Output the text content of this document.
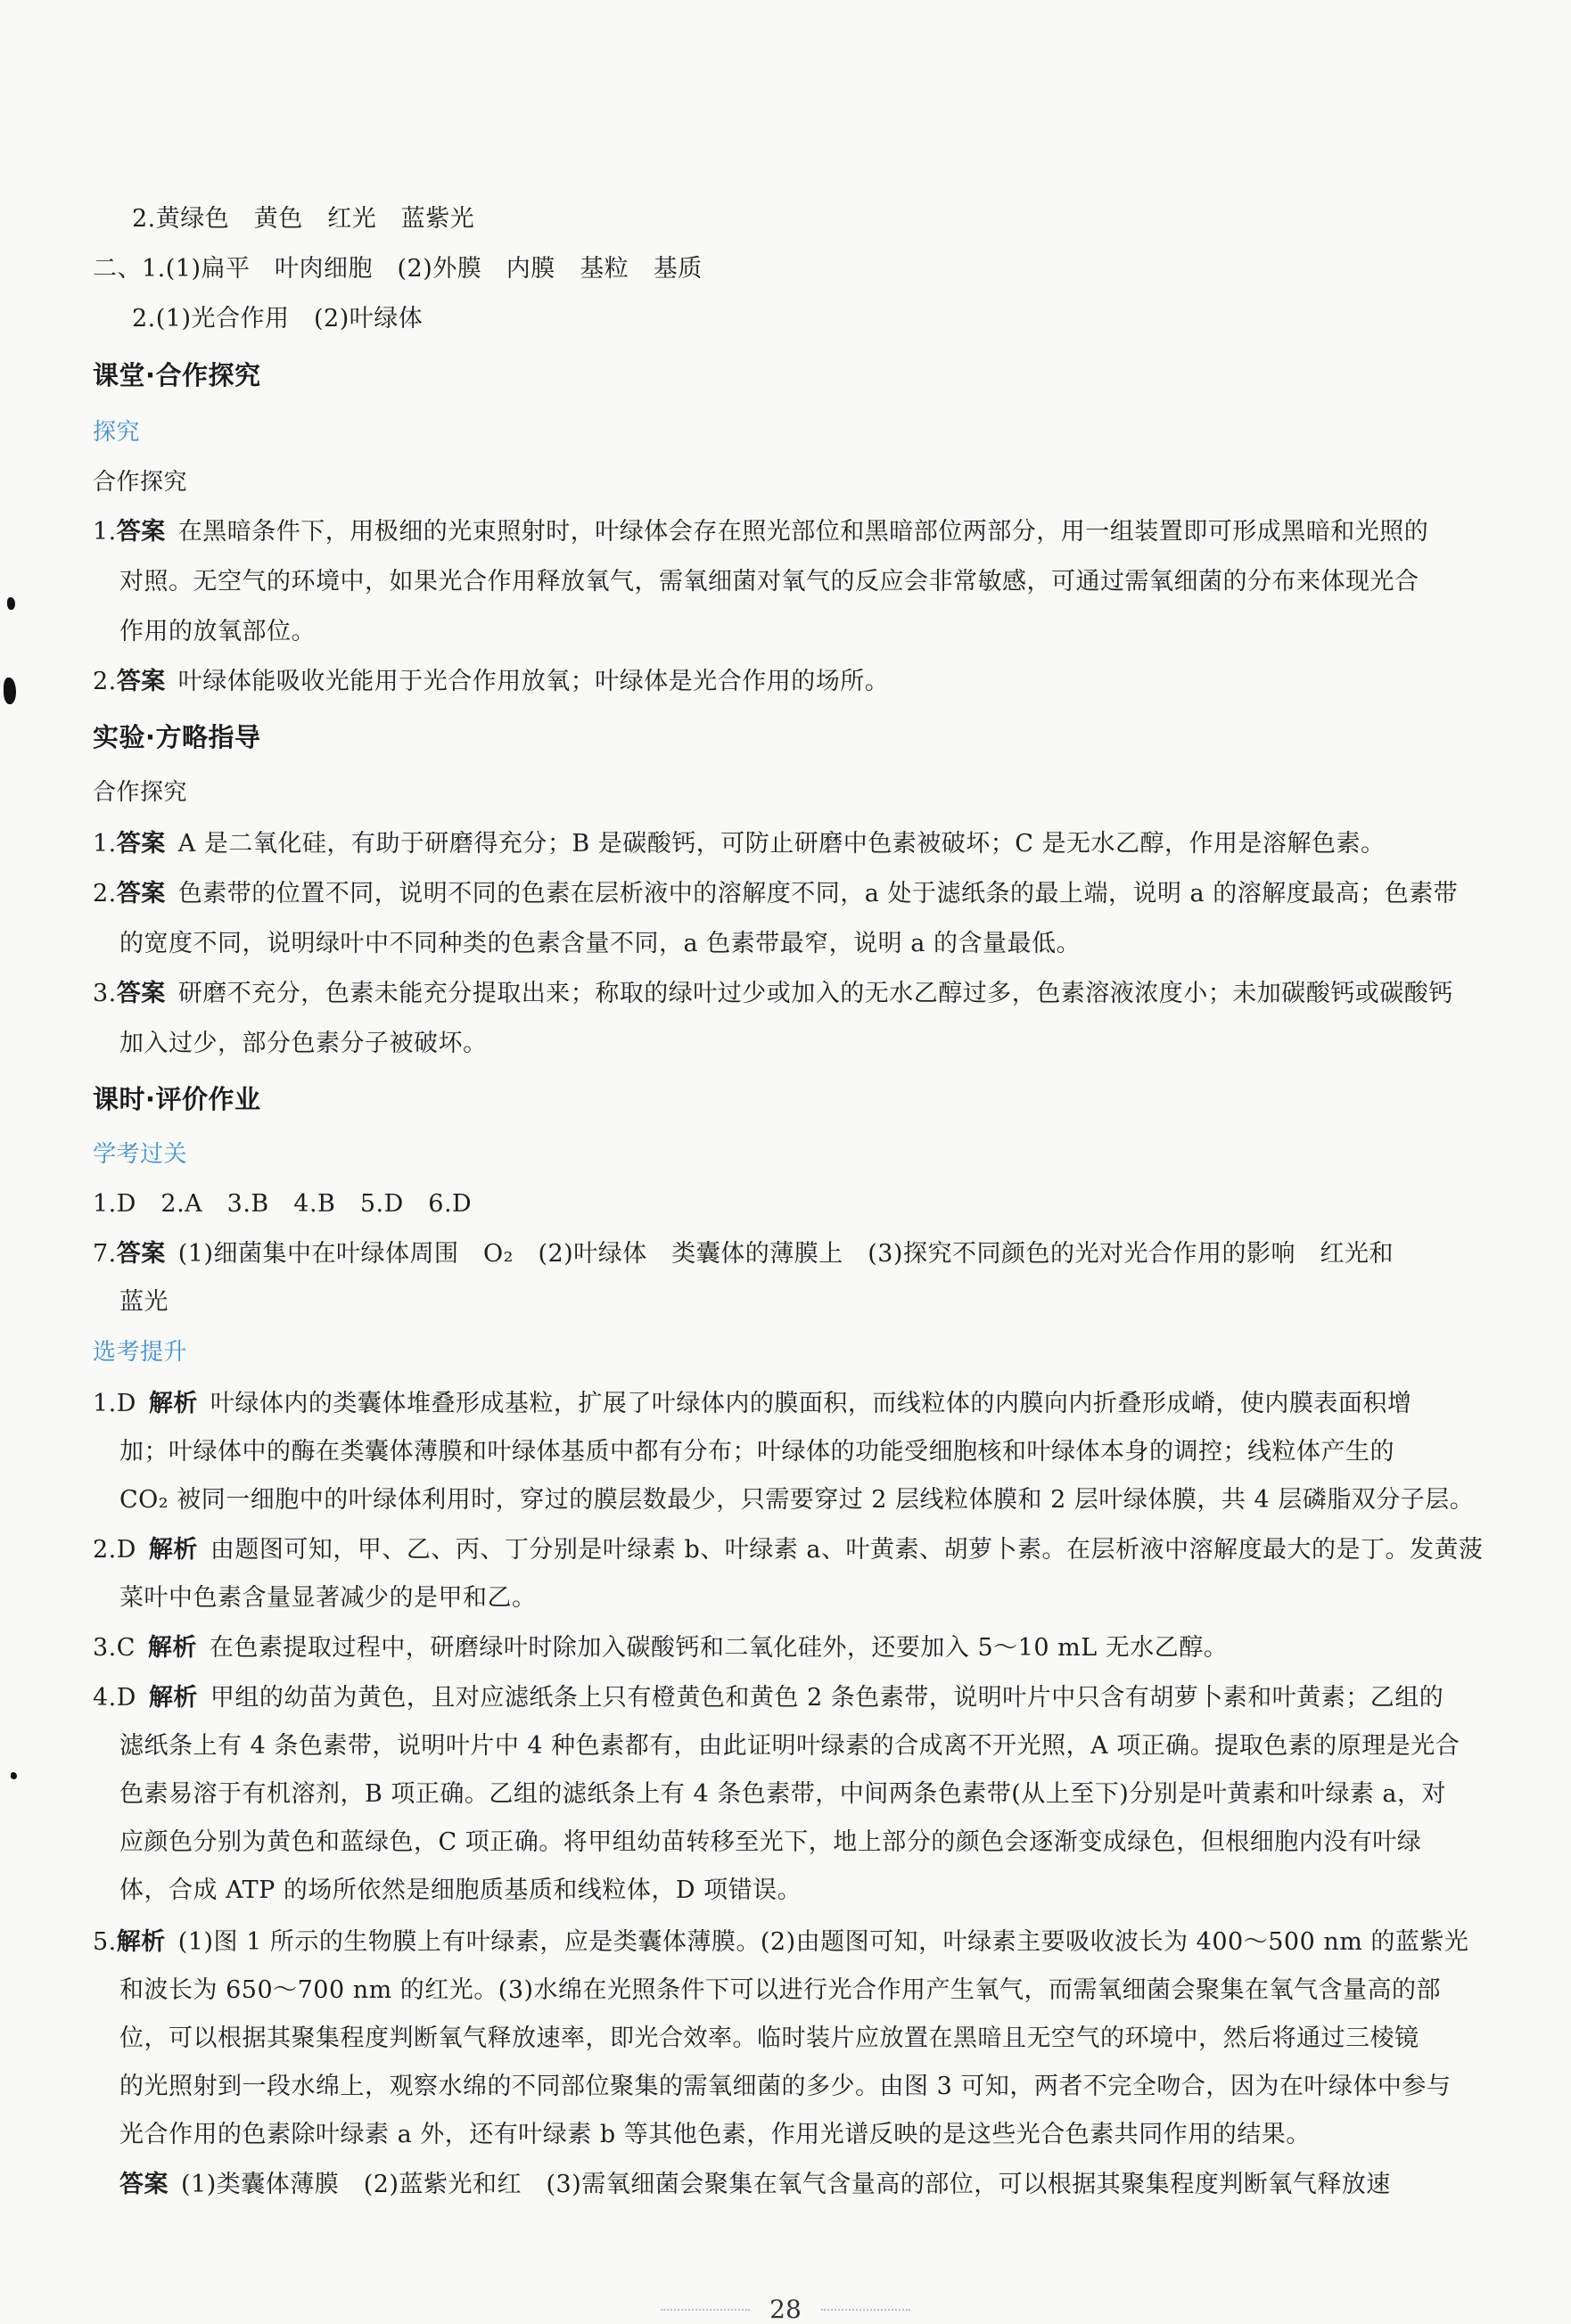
2.黄绿色　黄色　红光　蓝紫光
二、1.(1)扁平　叶肉细胞　(2)外膜　内膜　基粒　基质
2.(1)光合作用　(2)叶绿体
课堂·合作探究
探究
合作探究
1.答案 在黑暗条件下，用极细的光束照射时，叶绿体会存在照光部位和黑暗部位两部分，用一组装置即可形成黑暗和光照的
对照。无空气的环境中，如果光合作用释放氧气，需氧细菌对氧气的反应会非常敏感，可通过需氧细菌的分布来体现光合
作用的放氧部位。
2.答案 叶绿体能吸收光能用于光合作用放氧；叶绿体是光合作用的场所。
实验·方略指导
合作探究
1.答案 A 是二氧化硅，有助于研磨得充分；B 是碳酸钙，可防止研磨中色素被破坏；C 是无水乙醇，作用是溶解色素。
2.答案 色素带的位置不同，说明不同的色素在层析液中的溶解度不同，a 处于滤纸条的最上端，说明 a 的溶解度最高；色素带
的宽度不同，说明绿叶中不同种类的色素含量不同，a 色素带最窄，说明 a 的含量最低。
3.答案 研磨不充分，色素未能充分提取出来；称取的绿叶过少或加入的无水乙醇过多，色素溶液浓度小；未加碳酸钙或碳酸钙
加入过少，部分色素分子被破坏。
课时·评价作业
学考过关
1.D　2.A　3.B　4.B　5.D　6.D
7.答案 (1)细菌集中在叶绿体周围　O₂　(2)叶绿体　类囊体的薄膜上　(3)探究不同颜色的光对光合作用的影响　红光和
蓝光
选考提升
1.D 解析 叶绿体内的类囊体堆叠形成基粒，扩展了叶绿体内的膜面积，而线粒体的内膜向内折叠形成嵴，使内膜表面积增
加；叶绿体中的酶在类囊体薄膜和叶绿体基质中都有分布；叶绿体的功能受细胞核和叶绿体本身的调控；线粒体产生的
CO₂ 被同一细胞中的叶绿体利用时，穿过的膜层数最少，只需要穿过 2 层线粒体膜和 2 层叶绿体膜，共 4 层磷脂双分子层。
2.D 解析 由题图可知，甲、乙、丙、丁分别是叶绿素 b、叶绿素 a、叶黄素、胡萝卜素。在层析液中溶解度最大的是丁。发黄菠
菜叶中色素含量显著减少的是甲和乙。
3.C 解析 在色素提取过程中，研磨绿叶时除加入碳酸钙和二氧化硅外，还要加入 5～10 mL 无水乙醇。
4.D 解析 甲组的幼苗为黄色，且对应滤纸条上只有橙黄色和黄色 2 条色素带，说明叶片中只含有胡萝卜素和叶黄素；乙组的
滤纸条上有 4 条色素带，说明叶片中 4 种色素都有，由此证明叶绿素的合成离不开光照，A 项正确。提取色素的原理是光合
色素易溶于有机溶剂，B 项正确。乙组的滤纸条上有 4 条色素带，中间两条色素带(从上至下)分别是叶黄素和叶绿素 a，对
应颜色分别为黄色和蓝绿色，C 项正确。将甲组幼苗转移至光下，地上部分的颜色会逐渐变成绿色，但根细胞内没有叶绿
体，合成 ATP 的场所依然是细胞质基质和线粒体，D 项错误。
5.解析 (1)图 1 所示的生物膜上有叶绿素，应是类囊体薄膜。(2)由题图可知，叶绿素主要吸收波长为 400～500 nm 的蓝紫光
和波长为 650～700 nm 的红光。(3)水绵在光照条件下可以进行光合作用产生氧气，而需氧细菌会聚集在氧气含量高的部
位，可以根据其聚集程度判断氧气释放速率，即光合效率。临时装片应放置在黑暗且无空气的环境中，然后将通过三棱镜
的光照射到一段水绵上，观察水绵的不同部位聚集的需氧细菌的多少。由图 3 可知，两者不完全吻合，因为在叶绿体中参与
光合作用的色素除叶绿素 a 外，还有叶绿素 b 等其他色素，作用光谱反映的是这些光合色素共同作用的结果。
答案 (1)类囊体薄膜　(2)蓝紫光和红　(3)需氧细菌会聚集在氧气含量高的部位，可以根据其聚集程度判断氧气释放速
28
